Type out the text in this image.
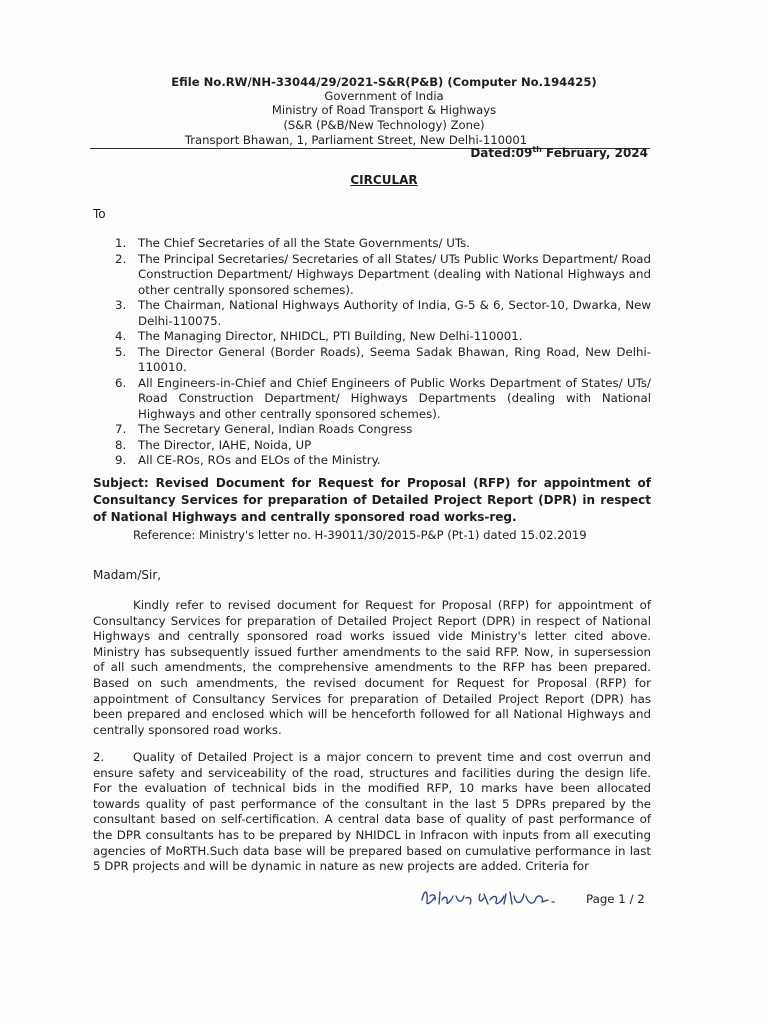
Efile No.RW/NH-33044/29/2021-S&R(P&B) (Computer No.194425)
Government of India
Ministry of Road Transport & Highways
(S&R (P&B/New Technology) Zone)
Transport Bhawan, 1, Parliament Street, New Delhi-110001
Dated:09th February, 2024
CIRCULAR
To
1. The Chief Secretaries of all the State Governments/ UTs.
2. The Principal Secretaries/ Secretaries of all States/ UTs Public Works Department/ Road Construction Department/ Highways Department (dealing with National Highways and other centrally sponsored schemes).
3. The Chairman, National Highways Authority of India, G-5 & 6, Sector-10, Dwarka, New Delhi-110075.
4. The Managing Director, NHIDCL, PTI Building, New Delhi-110001.
5. The Director General (Border Roads), Seema Sadak Bhawan, Ring Road, New Delhi-110010.
6. All Engineers-in-Chief and Chief Engineers of Public Works Department of States/ UTs/ Road Construction Department/ Highways Departments (dealing with National Highways and other centrally sponsored schemes).
7. The Secretary General, Indian Roads Congress
8. The Director, IAHE, Noida, UP
9. All CE-ROs, ROs and ELOs of the Ministry.
Subject: Revised Document for Request for Proposal (RFP) for appointment of Consultancy Services for preparation of Detailed Project Report (DPR) in respect of National Highways and centrally sponsored road works-reg.
Reference: Ministry's letter no. H-39011/30/2015-P&P (Pt-1) dated 15.02.2019
Madam/Sir,

Kindly refer to revised document for Request for Proposal (RFP) for appointment of Consultancy Services for preparation of Detailed Project Report (DPR) in respect of National Highways and centrally sponsored road works issued vide Ministry's letter cited above. Ministry has subsequently issued further amendments to the said RFP. Now, in supersession of all such amendments, the comprehensive amendments to the RFP has been prepared. Based on such amendments, the revised document for Request for Proposal (RFP) for appointment of Consultancy Services for preparation of Detailed Project Report (DPR) has been prepared and enclosed which will be henceforth followed for all National Highways and centrally sponsored road works.

2. Quality of Detailed Project is a major concern to prevent time and cost overrun and ensure safety and serviceability of the road, structures and facilities during the design life. For the evaluation of technical bids in the modified RFP, 10 marks have been allocated towards quality of past performance of the consultant in the last 5 DPRs prepared by the consultant based on self-certification. A central data base of quality of past performance of the DPR consultants has to be prepared by NHIDCL in Infracon with inputs from all executing agencies of MoRTH.Such data base will be prepared based on cumulative performance in last 5 DPR projects and will be dynamic in nature as new projects are added. Criteria for

Page 1 / 2
